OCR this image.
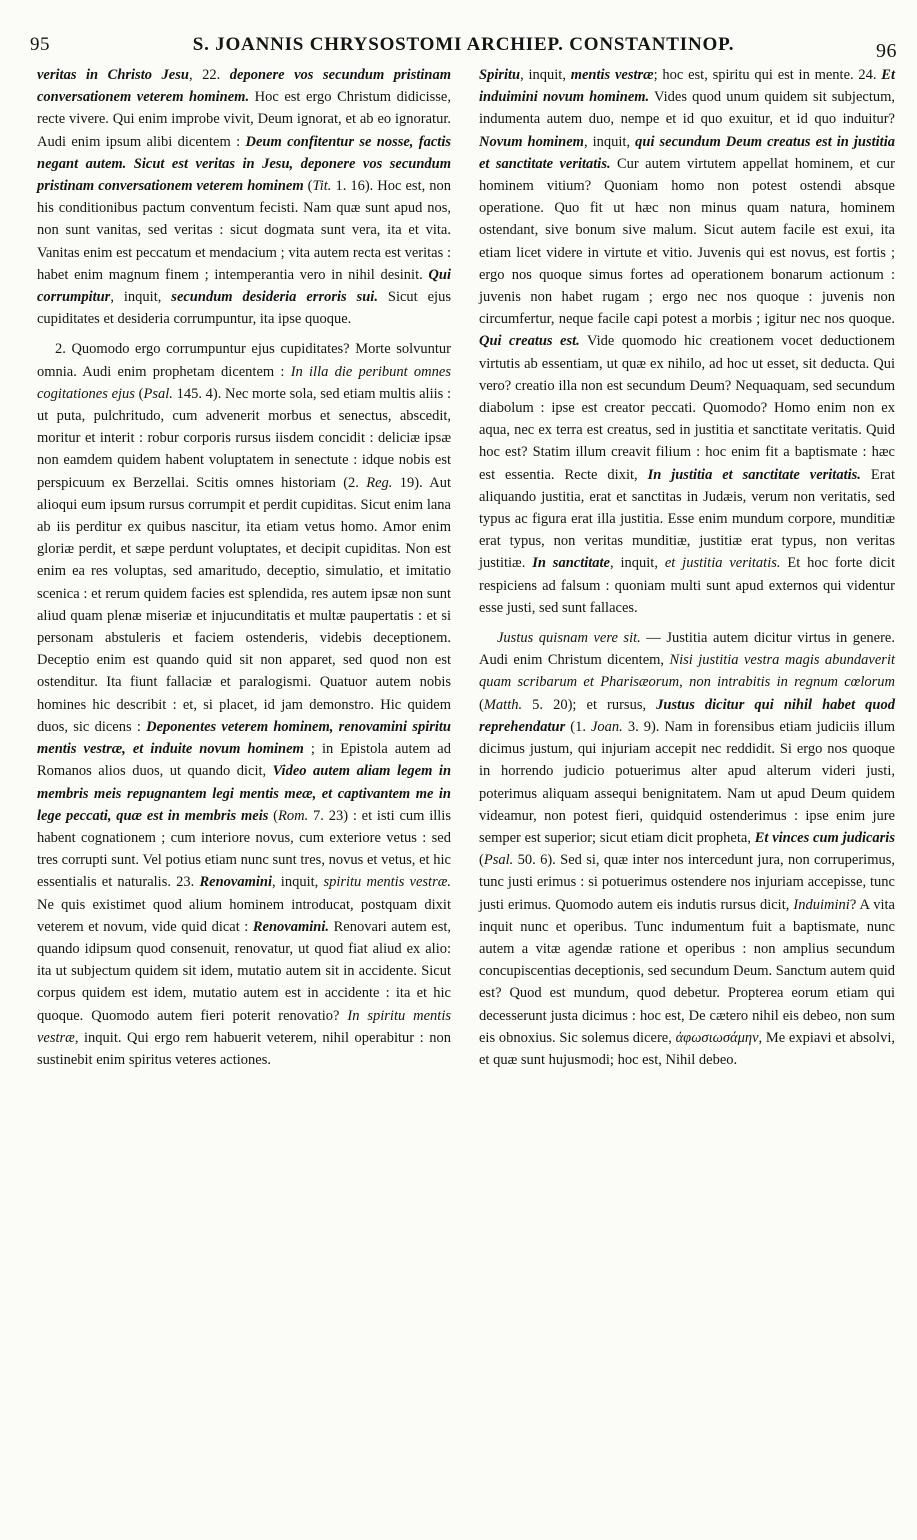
95	S. JOANNIS CHRYSOSTOMI ARCHIEP. CONSTANTINOP.	96

veritas in Christo Jesu, 22. deponere vos secundum pristinam conversationem veterem hominem. Hoc est ergo Christum didicisse, recte vivere. Qui enim improbe vivit, Deum ignorat, et ab eo ignoratur. Audi enim ipsum alibi dicentem : Deum confitentur se nosse, factis negant autem. Sicut est veritas in Jesu, deponere vos secundum pristinam conversationem veterem hominem (Tit. 1. 16). Hoc est, non his conditionibus pactum conventum fecisti. Nam quæ sunt apud nos, non sunt vanitas, sed veritas : sicut dogmata sunt vera, ita et vita. Vanitas enim est peccatum et mendacium ; vita autem recta est veritas : habet enim magnum finem ; intemperantia vero in nihil desinit. Qui corrumpitur, inquit, secundum desideria erroris sui. Sicut ejus cupiditates et desideria corrumpuntur, ita ipse quoque.

2. Quomodo ergo corrumpuntur ejus cupiditates? Morte solvuntur omnia. Audi enim prophetam dicentem : In illa die peribunt omnes cogitationes ejus (Psal. 145. 4). Nec morte sola, sed etiam multis aliis : ut puta, pulchritudo, cum advenerit morbus et senectus, abscedit, moritur et interit : robur corporis rursus iisdem concidit : deliciæ ipsæ non eamdem quidem habent voluptatem in senectute : idque nobis est perspicuum ex Berzellai. Scitis omnes historiam (2. Reg. 19). Aut alioqui eum ipsum rursus corrumpit et perdit cupiditas. Sicut enim lana ab iis perditur ex quibus nascitur, ita etiam vetus homo. Amor enim gloriæ perdit, et sæpe perdunt voluptates, et decipit cupiditas. Non est enim ea res voluptas, sed amaritudo, deceptio, simulatio, et imitatio scenica : et rerum quidem facies est splendida, res autem ipsæ non sunt aliud quam plenæ miseriæ et injucunditatis et multæ paupertatis : et si personam abstuleris et faciem ostenderis, videbis deceptionem. Deceptio enim est quando quid sit non apparet, sed quod non est ostenditur. Ita fiunt fallaciæ et paralogismi. Quatuor autem nobis homines hic describit : et, si placet, id jam demonstro. Hic quidem duos, sic dicens : Deponentes veterem hominem, renovamini spiritu mentis vestræ, et induite novum hominem ; in Epistola autem ad Romanos alios duos, ut quando dicit, Video autem aliam legem in membris meis repugnantem legi mentis meæ, et captivantem me in lege peccati, quæ est in membris meis (Rom. 7. 23) : et isti cum illis habent cognationem ; cum interiore novus, cum exteriore vetus : sed tres corrupti sunt. Vel potius etiam nunc sunt tres, novus et vetus, et hic essentialis et naturalis. 23. Renovamini, inquit, spiritu mentis vestræ. Ne quis existimet quod alium hominem introducat, postquam dixit veterem et novum, vide quid dicat : Renovamini. Renovari autem est, quando idipsum quod consenuit, renovatur, ut quod fiat aliud ex alio: ita ut subjectum quidem sit idem, mutatio autem sit in accidente. Sicut corpus quidem est idem, mutatio autem est in accidente : ita et hic quoque. Quomodo autem fieri poterit renovatio? In spiritu mentis vestræ, inquit. Qui ergo rem habuerit veterem, nihil operabitur : non sustinebit enim spiritus veteres actiones.

Spiritu, inquit, mentis vestræ; hoc est, spiritu qui est in mente. 24. Et induimini novum hominem. Vides quod unum quidem sit subjectum, indumenta autem duo, nempe et id quo exuitur, et id quo induitur? Novum hominem, inquit, qui secundum Deum creatus est in justitia et sanctitate veritatis. Cur autem virtutem appellat hominem, et cur hominem vitium? Quoniam homo non potest ostendi absque operatione. Quo fit ut hæc non minus quam natura, hominem ostendant, sive bonum sive malum. Sicut autem facile est exui, ita etiam licet videre in virtute et vitio. Juvenis qui est novus, est fortis ; ergo nos quoque simus fortes ad operationem bonarum actionum : juvenis non habet rugam ; ergo nec nos quoque : juvenis non circumfertur, neque facile capi potest a morbis ; igitur nec nos quoque. Qui creatus est. Vide quomodo hic creationem vocet deductionem virtutis ab essentiam, ut quæ ex nihilo, ad hoc ut esset, sit deducta. Qui vero? creatio illa non est secundum Deum? Nequaquam, sed secundum diabolum : ipse est creator peccati. Quomodo? Homo enim non ex aqua, nec ex terra est creatus, sed in justitia et sanctitate veritatis. Quid hoc est? Statim illum creavit filium : hoc enim fit a baptismate : hæc est essentia. Recte dixit, In justitia et sanctitate veritatis. Erat aliquando justitia, erat et sanctitas in Judæis, verum non veritatis, sed typus ac figura erat illa justitia. Esse enim mundum corpore, munditiæ erat typus, non veritas munditiæ, justitiæ erat typus, non veritas justitiæ. In sanctitate, inquit, et justitia veritatis. Et hoc forte dicit respiciens ad falsum : quoniam multi sunt apud externos qui videntur esse justi, sed sunt fallaces.

Justus quisnam vere sit. — Justitia autem dicitur virtus in genere. Audi enim Christum dicentem, Nisi justitia vestra magis abundaverit quam scribarum et Pharisæorum, non intrabitis in regnum cœlorum (Matth. 5. 20); et rursus, Justus dicitur qui nihil habet quod reprehendatur (1. Joan. 3. 9). Nam in forensibus etiam judiciis illum dicimus justum, qui injuriam accepit nec reddidit. Si ergo nos quoque in horrendo judicio potuerimus alter apud alterum videri justi, poterimus aliquam assequi benignitatem. Nam ut apud Deum quidem videamur, non potest fieri, quidquid ostenderimus : ipse enim jure semper est superior; sicut etiam dicit propheta, Et vinces cum judicaris (Psal. 50. 6). Sed si, quæ inter nos intercedunt jura, non corruperimus, tunc justi erimus : si potuerimus ostendere nos injuriam accepisse, tunc justi erimus. Quomodo autem eis indutis rursus dicit, Induimini? A vita inquit nunc et operibus. Tunc indumentum fuit a baptismate, nunc autem a vitæ agendæ ratione et operibus : non amplius secundum concupiscentias deceptionis, sed secundum Deum. Sanctum autem quid est? Quod est mundum, quod debetur. Propterea eorum etiam qui decesserunt justa dicimus : hoc est, De cætero nihil eis debeo, non sum eis obnoxius. Sic solemus dicere, ἀφωσιωσάμην, Me expiavi et absolvi, et quæ sunt hujusmodi; hoc est, Nihil debeo.
